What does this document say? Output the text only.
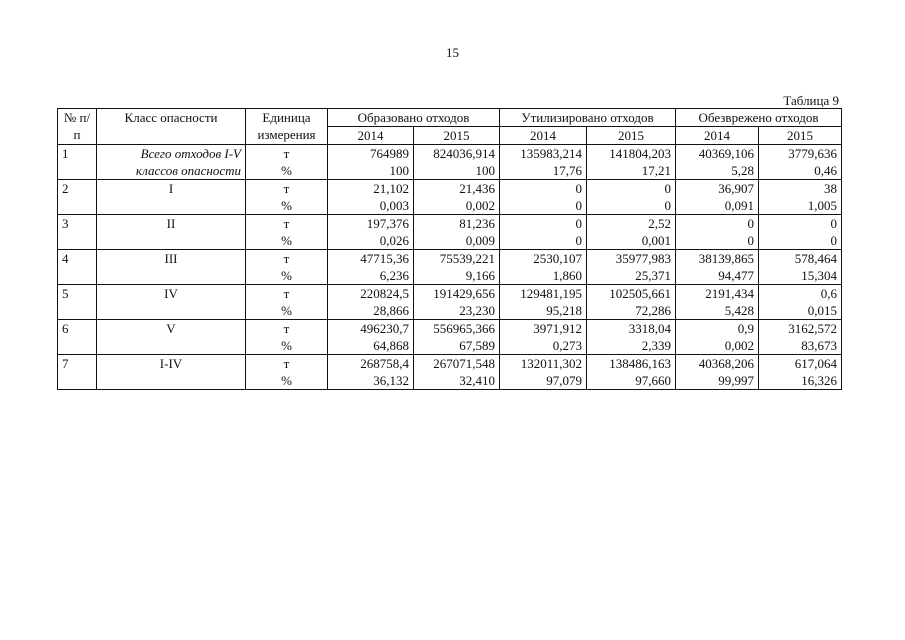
15
Таблица 9
№ п/п	Класс опасности	Единица измерения	Образовано отходов		Утилизировано отходов		Обезврежено отходов	
			2014	2015	2014	2015	2014	2015
1	Всего отходов I-V классов опасности	т	764989	824036,914	135983,214	141804,203	40369,106	3779,636
		%	100	100	17,76	17,21	5,28	0,46
2	I	т	21,102	21,436	0	0	36,907	38
		%	0,003	0,002	0	0	0,091	1,005
3	II	т	197,376	81,236	0	2,52	0	0
		%	0,026	0,009	0	0,001	0	0
4	III	т	47715,36	75539,221	2530,107	35977,983	38139,865	578,464
		%	6,236	9,166	1,860	25,371	94,477	15,304
5	IV	т	220824,5	191429,656	129481,195	102505,661	2191,434	0,6
		%	28,866	23,230	95,218	72,286	5,428	0,015
6	V	т	496230,7	556965,366	3971,912	3318,04	0,9	3162,572
		%	64,868	67,589	0,273	2,339	0,002	83,673
7	I-IV	т	268758,4	267071,548	132011,302	138486,163	40368,206	617,064
		%	36,132	32,410	97,079	97,660	99,997	16,326
